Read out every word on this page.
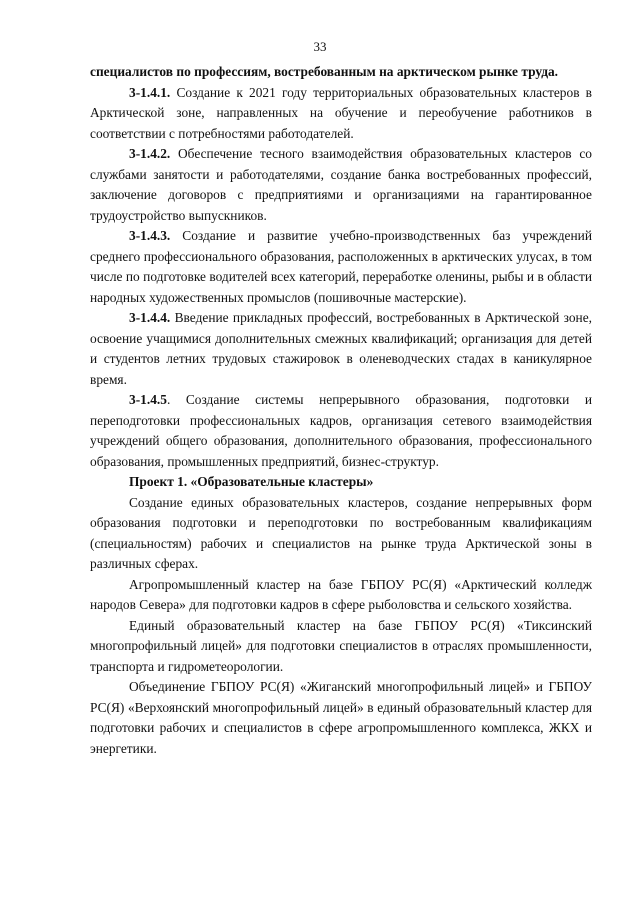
33

специалистов по профессиям, востребованным на арктическом рынке труда.

3-1.4.1. Создание к 2021 году территориальных образовательных кластеров в Арктической зоне, направленных на обучение и переобучение работников в соответствии с потребностями работодателей.

3-1.4.2. Обеспечение тесного взаимодействия образовательных кластеров со службами занятости и работодателями, создание банка востребованных профессий, заключение договоров с предприятиями и организациями на гарантированное трудоустройство выпускников.

3-1.4.3. Создание и развитие учебно-производственных баз учреждений среднего профессионального образования, расположенных в арктических улусах, в том числе по подготовке водителей всех категорий, переработке оленины, рыбы и в области народных художественных промыслов (пошивочные мастерские).

3-1.4.4. Введение прикладных профессий, востребованных в Арктической зоне, освоение учащимися дополнительных смежных квалификаций; организация для детей и студентов летних трудовых стажировок в оленеводческих стадах в каникулярное время.

3-1.4.5. Создание системы непрерывного образования, подготовки и переподготовки профессиональных кадров, организация сетевого взаимодействия учреждений общего образования, дополнительного образования, профессионального образования, промышленных предприятий, бизнес-структур.

Проект 1. «Образовательные кластеры»

Создание единых образовательных кластеров, создание непрерывных форм образования подготовки и переподготовки по востребованным квалификациям (специальностям) рабочих и специалистов на рынке труда Арктической зоны в различных сферах.

Агропромышленный кластер на базе ГБПОУ РС(Я) «Арктический колледж народов Севера» для подготовки кадров в сфере рыболовства и сельского хозяйства.

Единый образовательный кластер на базе ГБПОУ РС(Я) «Тиксинский многопрофильный лицей» для подготовки специалистов в отраслях промышленности, транспорта и гидрометеорологии.

Объединение ГБПОУ РС(Я) «Жиганский многопрофильный лицей» и ГБПОУ РС(Я) «Верхоянский многопрофильный лицей» в единый образовательный кластер для подготовки рабочих и специалистов в сфере агропромышленного комплекса, ЖКХ и энергетики.
